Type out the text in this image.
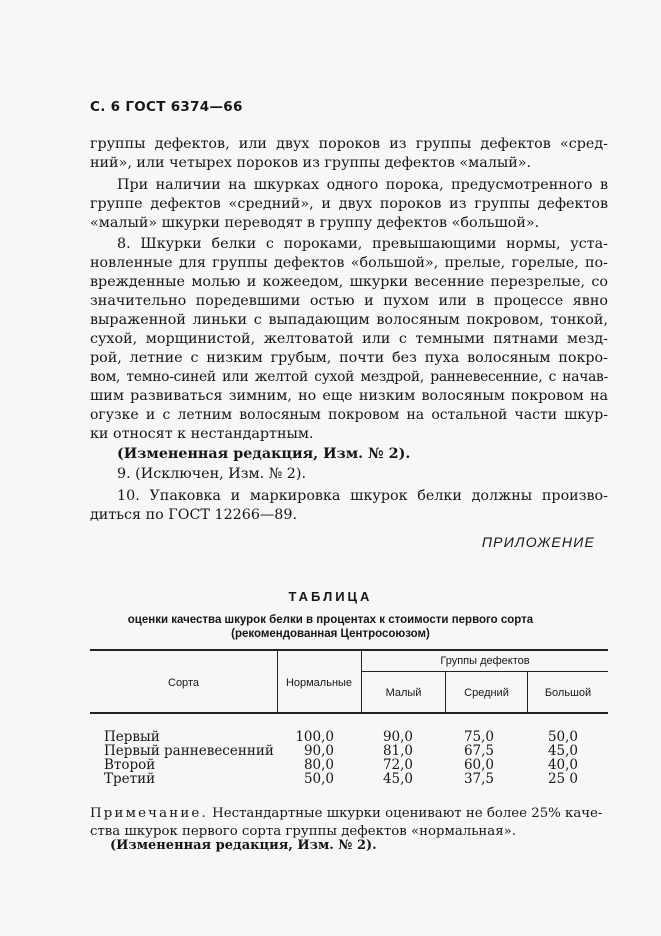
С. 6 ГОСТ 6374—66
группы дефектов, или двух пороков из группы дефектов «сред-
ний», или четырех пороков из группы дефектов «малый».
При наличии на шкурках одного порока, предусмотренного в
группе дефектов «средний», и двух пороков из группы дефектов
«малый» шкурки переводят в группу дефектов «большой».
8. Шкурки белки с пороками, превышающими нормы, уста-
новленные для группы дефектов «большой», прелые, горелые, по-
врежденные молью и кожеедом, шкурки весенние перезрелые, со
значительно поредевшими остью и пухом или в процессе явно
выраженной линьки с выпадающим волосяным покровом, тонкой,
сухой, морщинистой, желтоватой или с темными пятнами мезд-
рой, летние с низким грубым, почти без пуха волосяным покро-
вом, темно-синей или желтой сухой мездрой, ранневесенние, с начав-
шим развиваться зимним, но еще низким волосяным покровом на
огузке и с летним волосяным покровом на остальной части шкур-
ки относят к нестандартным.
(Измененная редакция, Изм. № 2).
9. (Исключен, Изм. № 2).
10. Упаковка и маркировка шкурок белки должны произво-
диться по ГОСТ 12266—89.
ПРИЛОЖЕНИЕ
ТАБЛИЦА
оценки качества шкурок белки в процентах к стоимости первого сорта
(рекомендованная Центросоюзом)
Сорта	Нормальные
Группы дефектов
Малый	Средний	Большой
Первый	100,0	90,0	75,0	50,0
Первый ранневесенний	90,0	81,0	67,5	45,0
Второй	80,0	72,0	60,0	40,0
Третий	50,0	45,0	37,5	25 0
Примечание. Нестандартные шкурки оценивают не более 25% каче-
ства шкурок первого сорта группы дефектов «нормальная».
(Измененная редакция, Изм. № 2).
